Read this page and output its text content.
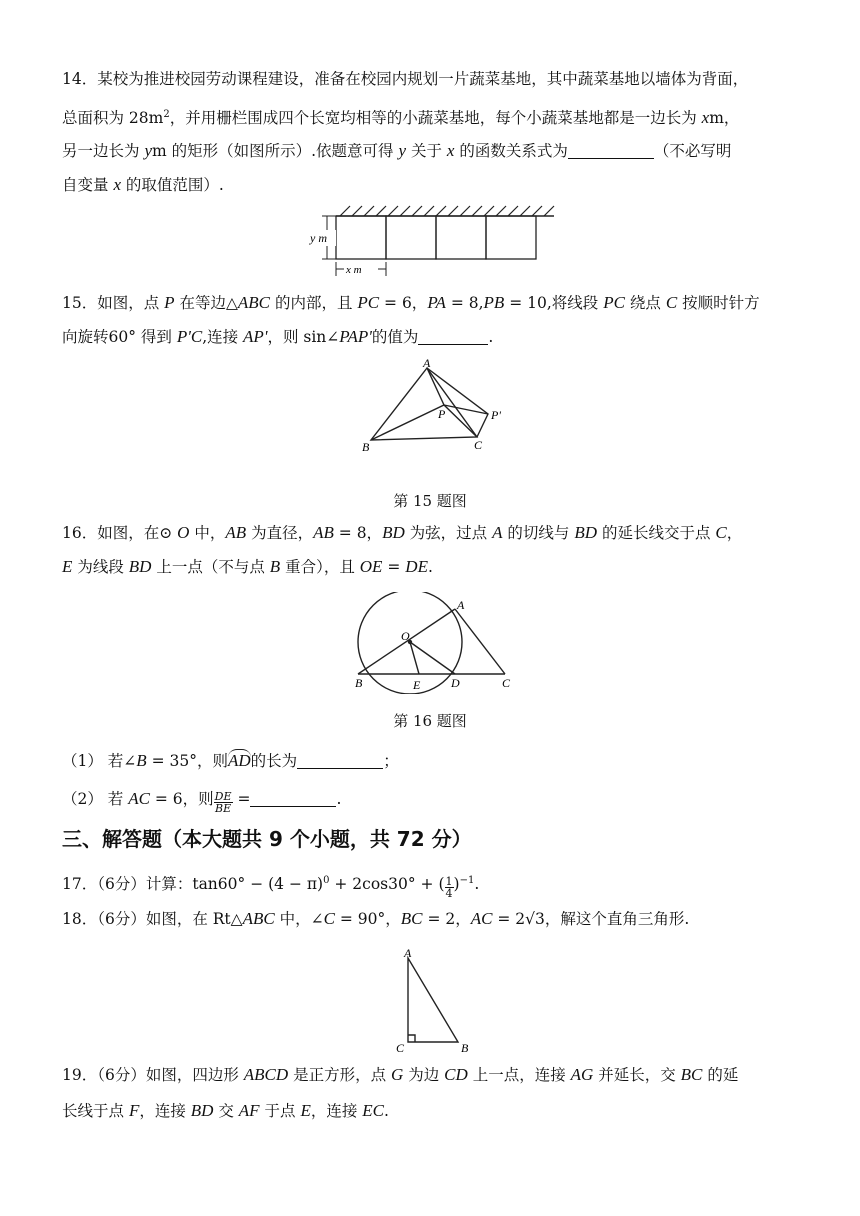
14．某校为推进校园劳动课程建设，准备在校园内规划一片蔬菜基地，其中蔬菜基地以墙体为背面，
总面积为 $28m^2$，并用栅栏围成四个长宽均相等的小蔬菜基地，每个小蔬菜基地都是一边长为 xm，
另一边长为 ym 的矩形（如图所示）.依题意可得 y 关于 x 的函数关系式为	（不必写明
自变量 x 的取值范围）.
y m
x m
15．如图，点 P 在等边△ABC 的内部，且 PC = 6，PA = 8,PB = 10,将线段 PC 绕点 C 按顺时针方
向旋转60° 得到 P'C,连接 AP'，则 sin∠PAP'的值为	.
A
B	C
P	P'
第 15 题图
16．如图，在⊙ O 中，AB 为直径，AB = 8，BD 为弦，过点 A 的切线与 BD 的延长线交于点 C，
E 为线段 BD 上一点（不与点 B 重合），且 OE = DE.
A
B	C
D
E
O
第 16 题图
（1） 若∠B = 35°，则AD的长为	；
（2） 若 AC = 6，则 $\frac{DE}{BE}$ =	.
三、解答题（本大题共 9 个小题，共 72 分）
17．（6分）计算：$\tan 60^\circ - (4 - \pi)^0 + 2\cos 30^\circ$ + ( $\frac{1}{4} )^{-1}$.
18．（6分）如图，在 Rt△ABC 中，∠C = 90°，BC = 2，AC = 2√3，解这个直角三角形.
A
C	B
19．（6分）如图，四边形 ABCD 是正方形，点 G 为边 CD 上一点，连接 AG 并延长，交 BC 的延
长线于点 F，连接 BD 交 AF 于点 E，连接 EC.
